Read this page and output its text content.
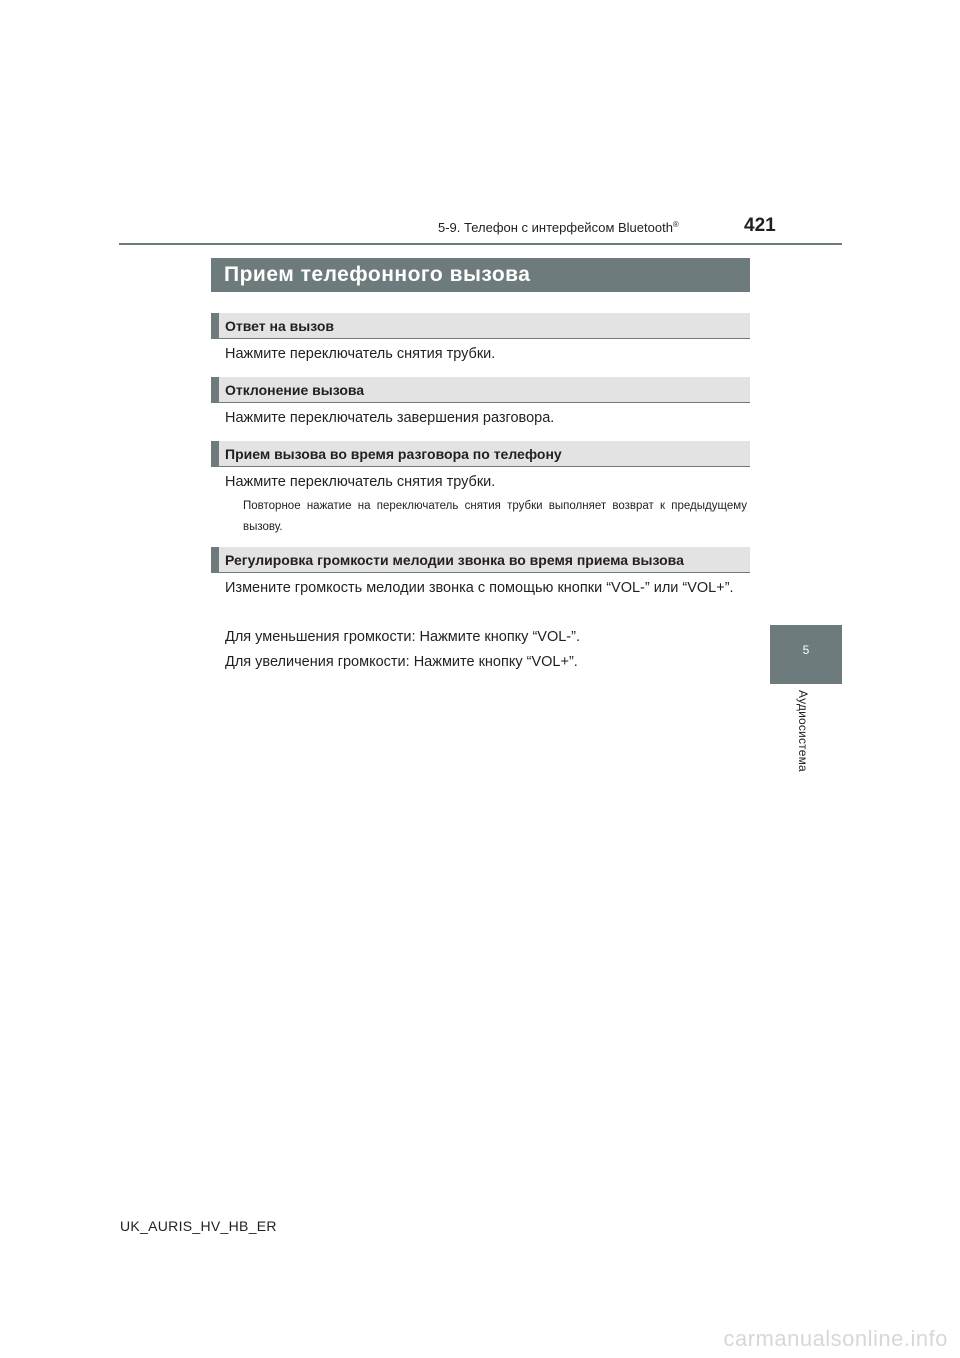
5-9. Телефон с интерфейсом Bluetooth®	421
5
Аудиосистема
Прием телефонного вызова
Ответ на вызов
Нажмите переключатель снятия трубки.
Отклонение вызова
Нажмите переключатель завершения разговора.
Прием вызова во время разговора по телефону
Нажмите переключатель снятия трубки.
Повторное нажатие на переключатель снятия трубки выполняет возврат к предыдущему вызову.
Регулировка громкости мелодии звонка во время приема вызова
Измените громкость мелодии звонка с помощью кнопки “VOL-” или “VOL+”.
Для уменьшения громкости: Нажмите кнопку “VOL-”.
Для увеличения громкости: Нажмите кнопку “VOL+”.
UK_AURIS_HV_HB_ER
carmanualsonline.info
